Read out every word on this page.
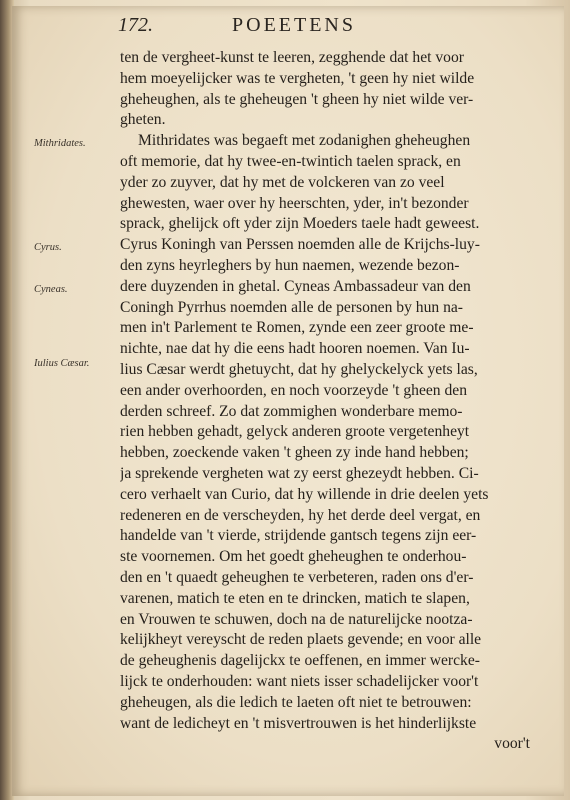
172.	POEETENS
Mithridates.
Cyrus.
Cyneas.
Iulius Cæsar.
ten de vergheet-kunst te leeren, zegghende dat het voor
hem moeyelijcker was te vergheten, 't geen hy niet wilde
gheheughen, als te gheheugen 't gheen hy niet wilde ver-
gheten.
Mithridates was begaeft met zodanighen gheheughen
oft memorie, dat hy twee-en-twintich taelen sprack, en
yder zo zuyver, dat hy met de volckeren van zo veel
ghewesten, waer over hy heerschten, yder, in't bezonder
sprack, ghelijck oft yder zijn Moeders taele hadt geweest.
Cyrus Koningh van Perssen noemden alle de Krijchs-luy-
den zyns heyrleghers by hun naemen, wezende bezon-
dere duyzenden in ghetal. Cyneas Ambassadeur van den
Coningh Pyrrhus noemden alle de personen by hun na-
men in't Parlement te Romen, zynde een zeer groote me-
nichte, nae dat hy die eens hadt hooren noemen. Van Iu-
lius Cæsar werdt ghetuycht, dat hy ghelyckelyck yets las,
een ander overhoorden, en noch voorzeyde 't gheen den
derden schreef. Zo dat zommighen wonderbare memo-
rien hebben gehadt, gelyck anderen groote vergetenheyt
hebben, zoeckende vaken 't gheen zy inde hand hebben;
ja sprekende vergheten wat zy eerst ghezeydt hebben. Ci-
cero verhaelt van Curio, dat hy willende in drie deelen yets
redeneren en de verscheyden, hy het derde deel vergat, en
handelde van 't vierde, strijdende gantsch tegens zijn eer-
ste voornemen. Om het goedt gheheughen te onderhou-
den en 't quaedt geheughen te verbeteren, raden ons d'er-
varenen, matich te eten en te drincken, matich te slapen,
en Vrouwen te schuwen, doch na de naturelijcke nootza-
kelijkheyt vereyscht de reden plaets gevende; en voor alle
de geheughenis dagelijckx te oeffenen, en immer wercke-
lijck te onderhouden: want niets isser schadelijcker voor't
gheheugen, als die ledich te laeten oft niet te betrouwen:
want de ledicheyt en 't misvertrouwen is het hinderlijkste
voor't
